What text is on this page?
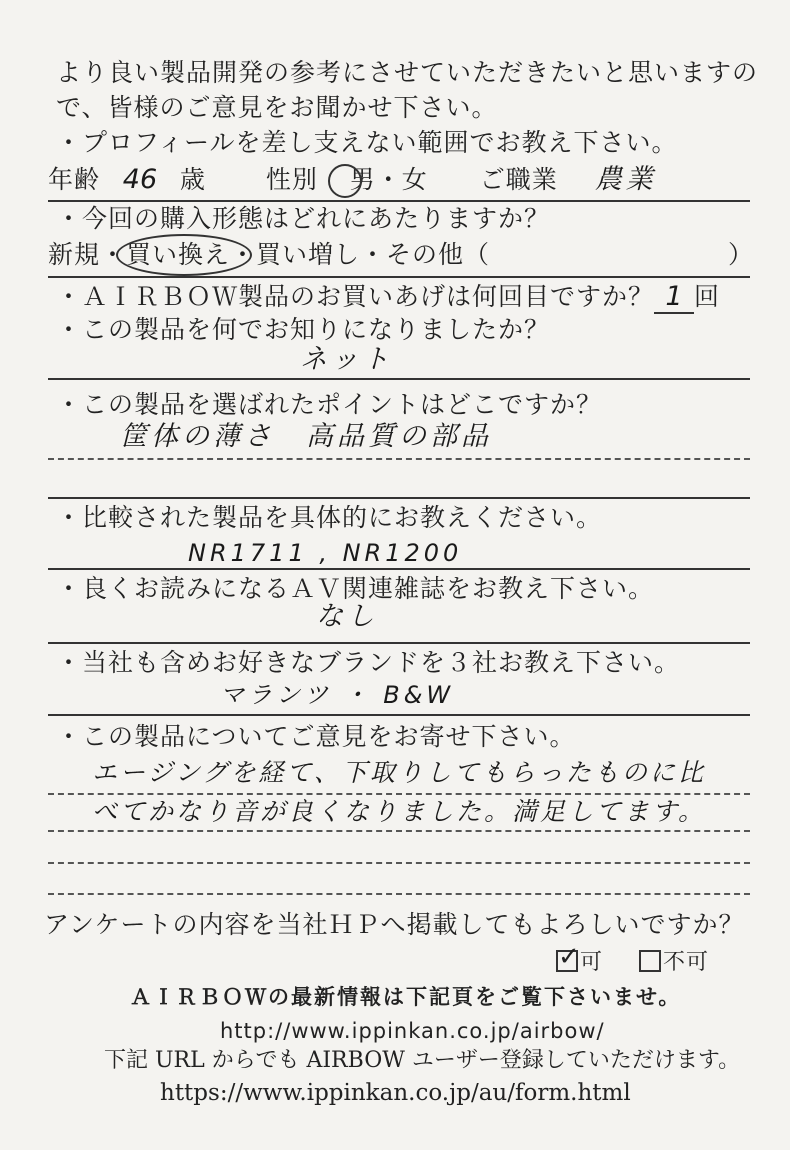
より良い製品開発の参考にさせていただきたいと思いますの
で、皆様のご意見をお聞かせ下さい。
・プロフィールを差し支えない範囲でお教え下さい。
年齢 46 歳 性別 男・女 ご職業 農業
・今回の購入形態はどれにあたりますか？
新規・買い換え・買い増し・その他（	）
・ＡＩＲＢＯＷ製品のお買いあげは何回目ですか？ 1 回
・この製品を何でお知りになりましたか？
ネット
・この製品を選ばれたポイントはどこですか？
筐体の薄さ　高品質の部品
・比較された製品を具体的にお教えください。
NR1711 , NR1200
・良くお読みになるＡＶ関連雑誌をお教え下さい。
なし
・当社も含めお好きなブランドを３社お教え下さい。
マランツ ・ B&W
・この製品についてご意見をお寄せ下さい。
エージングを経て、下取りしてもらったものに比
べてかなり音が良くなりました。満足してます。
アンケートの内容を当社ＨＰへ掲載してもよろしいですか？
✓ 可	不可
ＡＩＲＢＯＷの最新情報は下記頁をご覧下さいませ。
http://www.ippinkan.co.jp/airbow/
下記 URL からでも AIRBOW ユーザー登録していただけます。
https://www.ippinkan.co.jp/au/form.html
